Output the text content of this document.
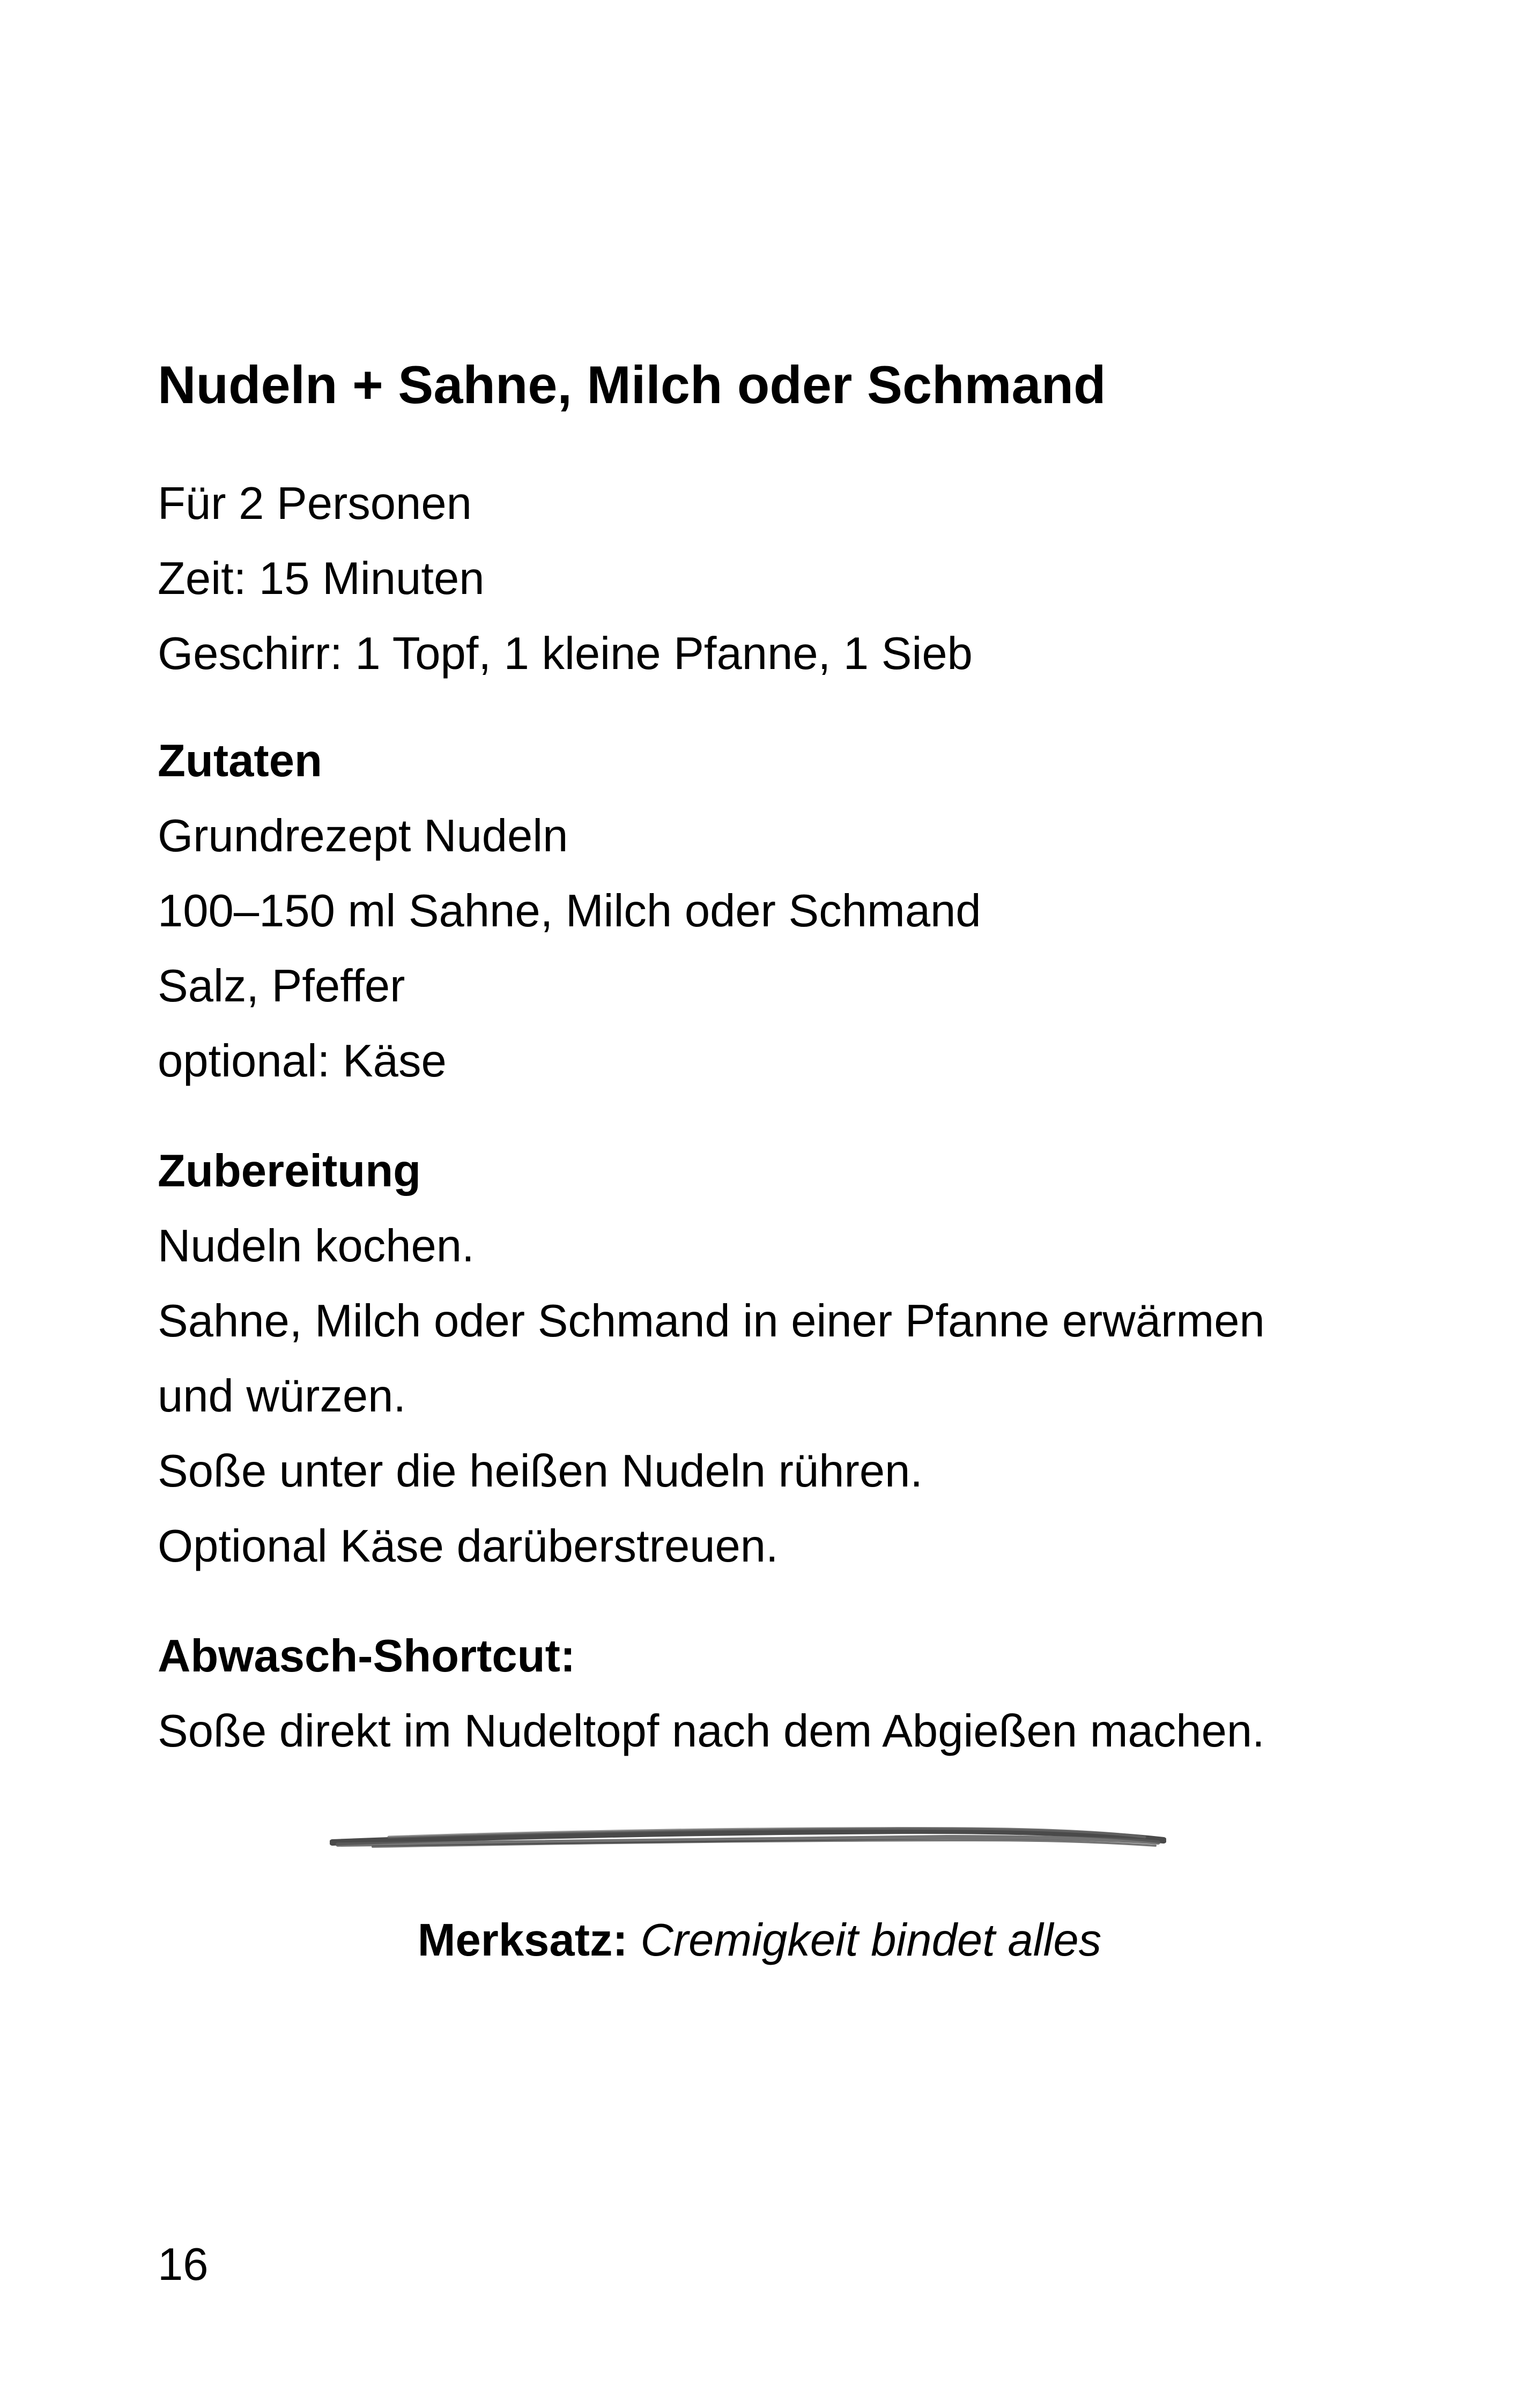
Nudeln + Sahne, Milch oder Schmand
Für 2 Personen
Zeit: 15 Minuten
Geschirr: 1 Topf, 1 kleine Pfanne, 1 Sieb
Zutaten
Grundrezept Nudeln
100–150 ml Sahne, Milch oder Schmand
Salz, Pfeffer
optional: Käse
Zubereitung
Nudeln kochen.
Sahne, Milch oder Schmand in einer Pfanne erwärmen
und würzen.
Soße unter die heißen Nudeln rühren.
Optional Käse darüberstreuen.
Abwasch-Shortcut:
Soße direkt im Nudeltopf nach dem Abgießen machen.
Merksatz: Cremigkeit bindet alles
16
